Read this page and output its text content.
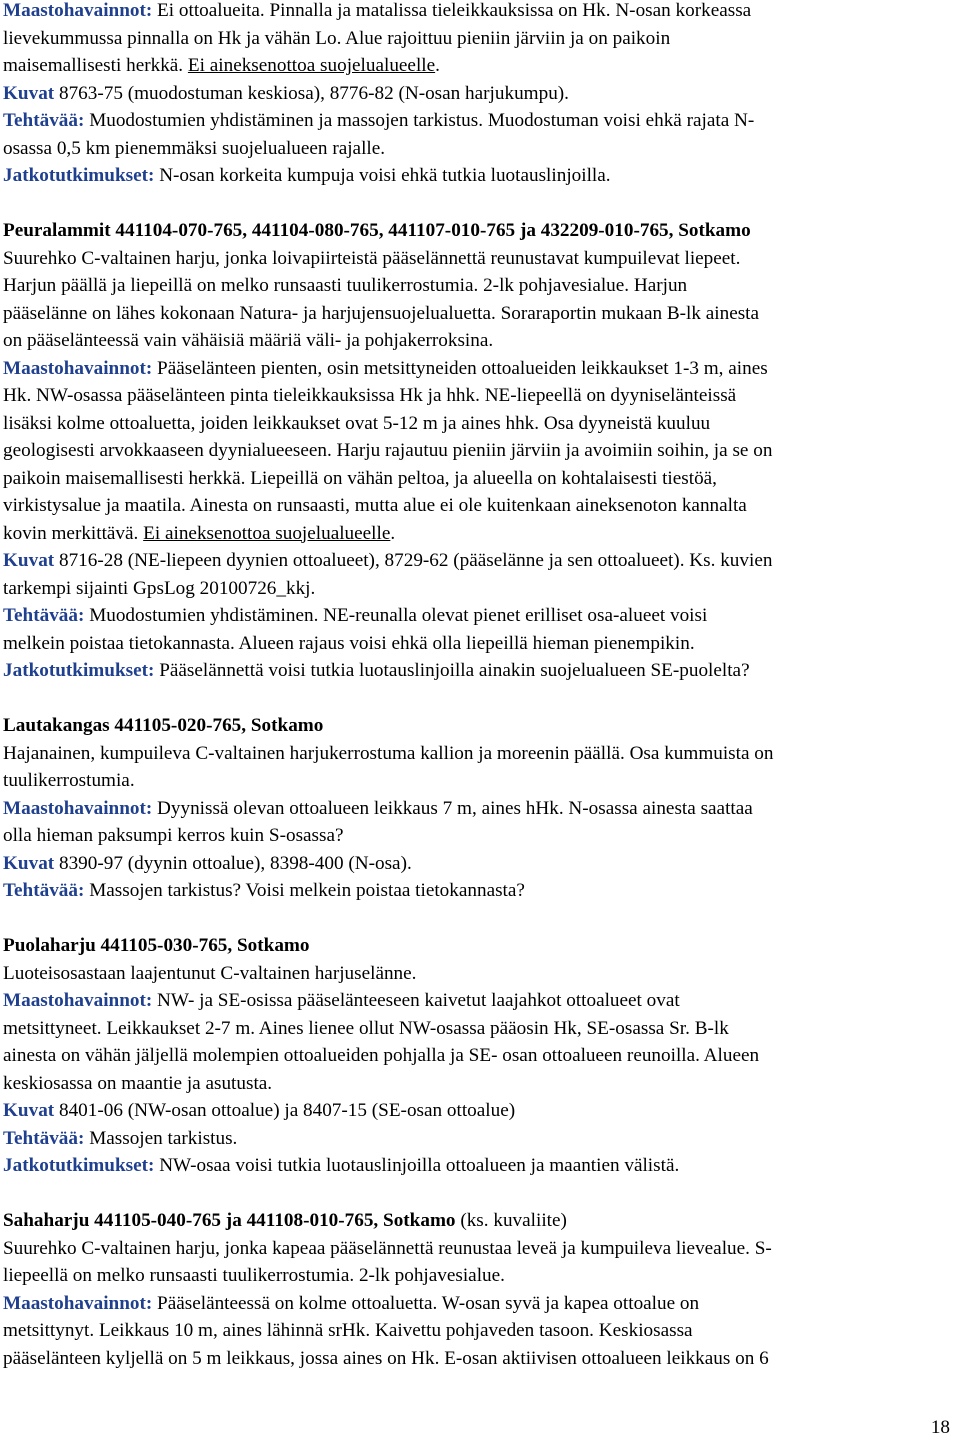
Maastohavainnot: Ei ottoalueita. Pinnalla ja matalissa tieleikkauksissa on Hk. N-osan korkeassa
lievekummussa pinnalla on Hk ja vähän Lo. Alue rajoittuu pieniin järviin ja on paikoin
maisemallisesti herkkä. Ei aineksenottoa suojelualueelle.
Kuvat 8763-75 (muodostuman keskiosa), 8776-82 (N-osan harjukumpu).
Tehtävää: Muodostumien yhdistäminen ja massojen tarkistus. Muodostuman voisi ehkä rajata N-
osassa 0,5 km pienemmäksi suojelualueen rajalle.
Jatkotutkimukset: N-osan korkeita kumpuja voisi ehkä tutkia luotauslinjoilla.
Peuralammit 441104-070-765, 441104-080-765, 441107-010-765 ja 432209-010-765, Sotkamo
Suurehko C-valtainen harju, jonka loivapiirteistä pääselännettä reunustavat kumpuilevat liepeet.
Harjun päällä ja liepeillä on melko runsaasti tuulikerrostumia. 2-lk pohjavesialue. Harjun
pääselänne on lähes kokonaan Natura- ja harjujensuojelualuetta. Soraraportin mukaan B-lk ainesta
on pääselänteessä vain vähäisiä määriä väli- ja pohjakerroksina.
Maastohavainnot: Pääselänteen pienten, osin metsittyneiden ottoalueiden leikkaukset 1-3 m, aines
Hk. NW-osassa pääselänteen pinta tieleikkauksissa Hk ja hhk. NE-liepeellä on dyyniselänteissä
lisäksi kolme ottoaluetta, joiden leikkaukset ovat 5-12 m ja aines hhk. Osa dyyneistä kuuluu
geologisesti arvokkaaseen dyynialueeseen. Harju rajautuu pieniin järviin ja avoimiin soihin, ja se on
paikoin maisemallisesti herkkä. Liepeillä on vähän peltoa, ja alueella on kohtalaisesti tiestöä,
virkistysalue ja maatila. Ainesta on runsaasti, mutta alue ei ole kuitenkaan aineksenoton kannalta
kovin merkittävä. Ei aineksenottoa suojelualueelle.
Kuvat 8716-28 (NE-liepeen dyynien ottoalueet), 8729-62 (pääselänne ja sen ottoalueet). Ks. kuvien
tarkempi sijainti GpsLog 20100726_kkj.
Tehtävää: Muodostumien yhdistäminen. NE-reunalla olevat pienet erilliset osa-alueet voisi
melkein poistaa tietokannasta. Alueen rajaus voisi ehkä olla liepeillä hieman pienempikin.
Jatkotutkimukset: Pääselännettä voisi tutkia luotauslinjoilla ainakin suojelualueen SE-puolelta?
Lautakangas 441105-020-765, Sotkamo
Hajanainen, kumpuileva C-valtainen harjukerrostuma kallion ja moreenin päällä. Osa kummuista on
tuulikerrostumia.
Maastohavainnot: Dyynissä olevan ottoalueen leikkaus 7 m, aines hHk. N-osassa ainesta saattaa
olla hieman paksumpi kerros kuin S-osassa?
Kuvat 8390-97 (dyynin ottoalue), 8398-400 (N-osa).
Tehtävää: Massojen tarkistus? Voisi melkein poistaa tietokannasta?
Puolaharju 441105-030-765, Sotkamo
Luoteisosastaan laajentunut C-valtainen harjuselänne.
Maastohavainnot: NW- ja SE-osissa pääselänteeseen kaivetut laajahkot ottoalueet ovat
metsittyneet. Leikkaukset 2-7 m. Aines lienee ollut NW-osassa pääosin Hk, SE-osassa Sr. B-lk
ainesta on vähän jäljellä molempien ottoalueiden pohjalla ja SE- osan ottoalueen reunoilla. Alueen
keskiosassa on maantie ja asutusta.
Kuvat 8401-06 (NW-osan ottoalue) ja 8407-15 (SE-osan ottoalue)
Tehtävää: Massojen tarkistus.
Jatkotutkimukset: NW-osaa voisi tutkia luotauslinjoilla ottoalueen ja maantien välistä.
Sahaharju 441105-040-765 ja 441108-010-765, Sotkamo (ks. kuvaliite)
Suurehko C-valtainen harju, jonka kapeaa pääselännettä reunustaa leveä ja kumpuileva lievealue. S-
liepeellä on melko runsaasti tuulikerrostumia. 2-lk pohjavesialue.
Maastohavainnot: Pääselänteessä on kolme ottoaluetta. W-osan syvä ja kapea ottoalue on
metsittynyt. Leikkaus 10 m, aines lähinnä srHk. Kaivettu pohjaveden tasoon. Keskiosassa
pääselänteen kyljellä on 5 m leikkaus, jossa aines on Hk. E-osan aktiivisen ottoalueen leikkaus on 6
18
